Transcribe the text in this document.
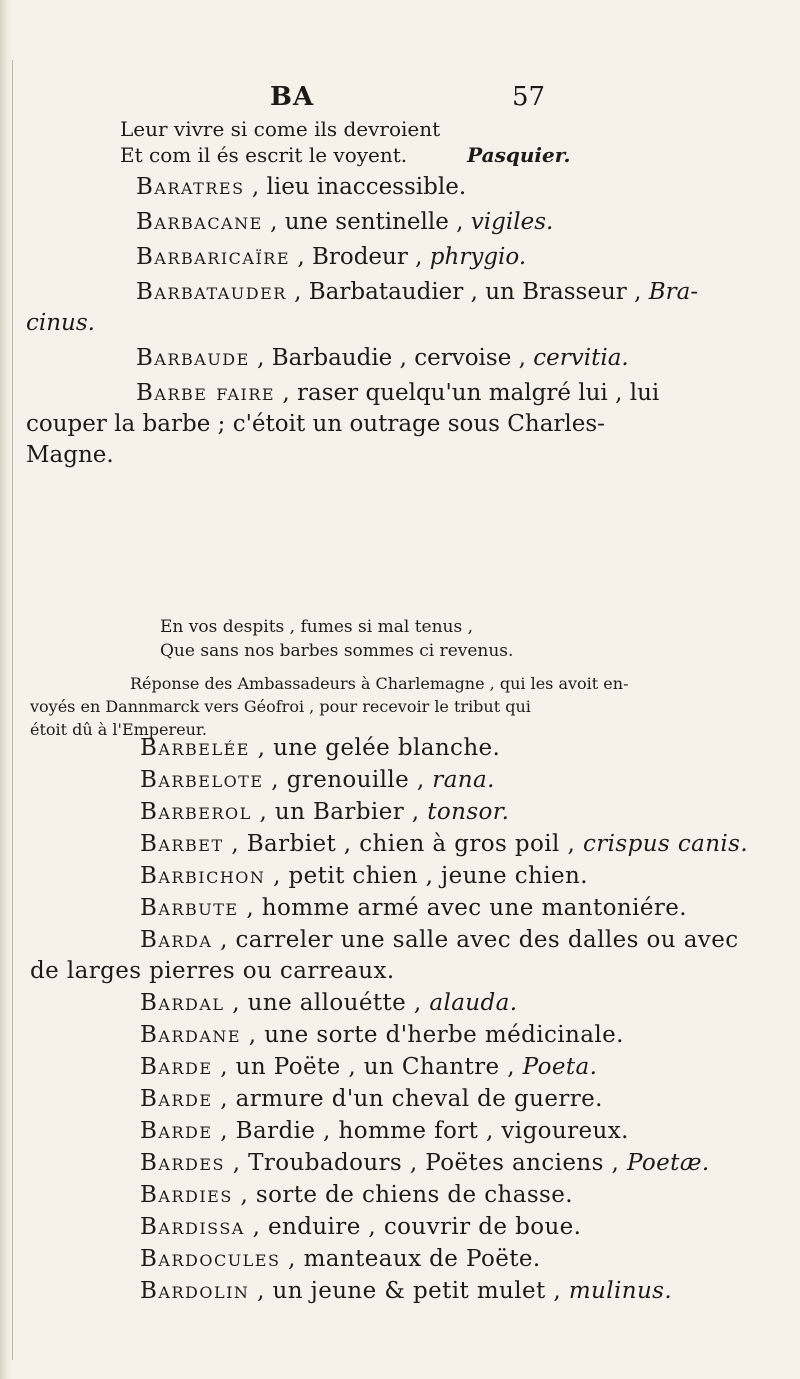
BA	57
Leur vivre si come ils devroient
Et com il és escrit le voyent.	Pasquier.
Baratres , lieu inaccessible.
Barbacane , une sentinelle , vigiles.
Barbaricaïre , Brodeur , phrygio.
Barbatauder , Barbataudier , un Brasseur , Bra-
cinus.
Barbaude , Barbaudie , cervoise , cervitia.
Barbe faire , raser quelqu'un malgré lui , lui
couper la barbe ; c'étoit un outrage sous Charles-
Magne.
En vos despits , fumes si mal tenus ,
Que sans nos barbes sommes ci revenus.
Réponse des Ambassadeurs à Charlemagne , qui les avoit en-
voyés en Dannmarck vers Géofroi , pour recevoir le tribut qui
étoit dû à l'Empereur.
Barbelée , une gelée blanche.
Barbelote , grenouille , rana.
Barberol , un Barbier , tonsor.
Barbet , Barbiet , chien à gros poil , crispus canis.
Barbichon , petit chien , jeune chien.
Barbute , homme armé avec une mantoniére.
Barda , carreler une salle avec des dalles ou avec
de larges pierres ou carreaux.
Bardal , une allouétte , alauda.
Bardane , une sorte d'herbe médicinale.
Barde , un Poëte , un Chantre , Poeta.
Barde , armure d'un cheval de guerre.
Barde , Bardie , homme fort , vigoureux.
Bardes , Troubadours , Poëtes anciens , Poetæ.
Bardies , sorte de chiens de chasse.
Bardissa , enduire , couvrir de boue.
Bardocules , manteaux de Poëte.
Bardolin , un jeune & petit mulet , mulinus.
